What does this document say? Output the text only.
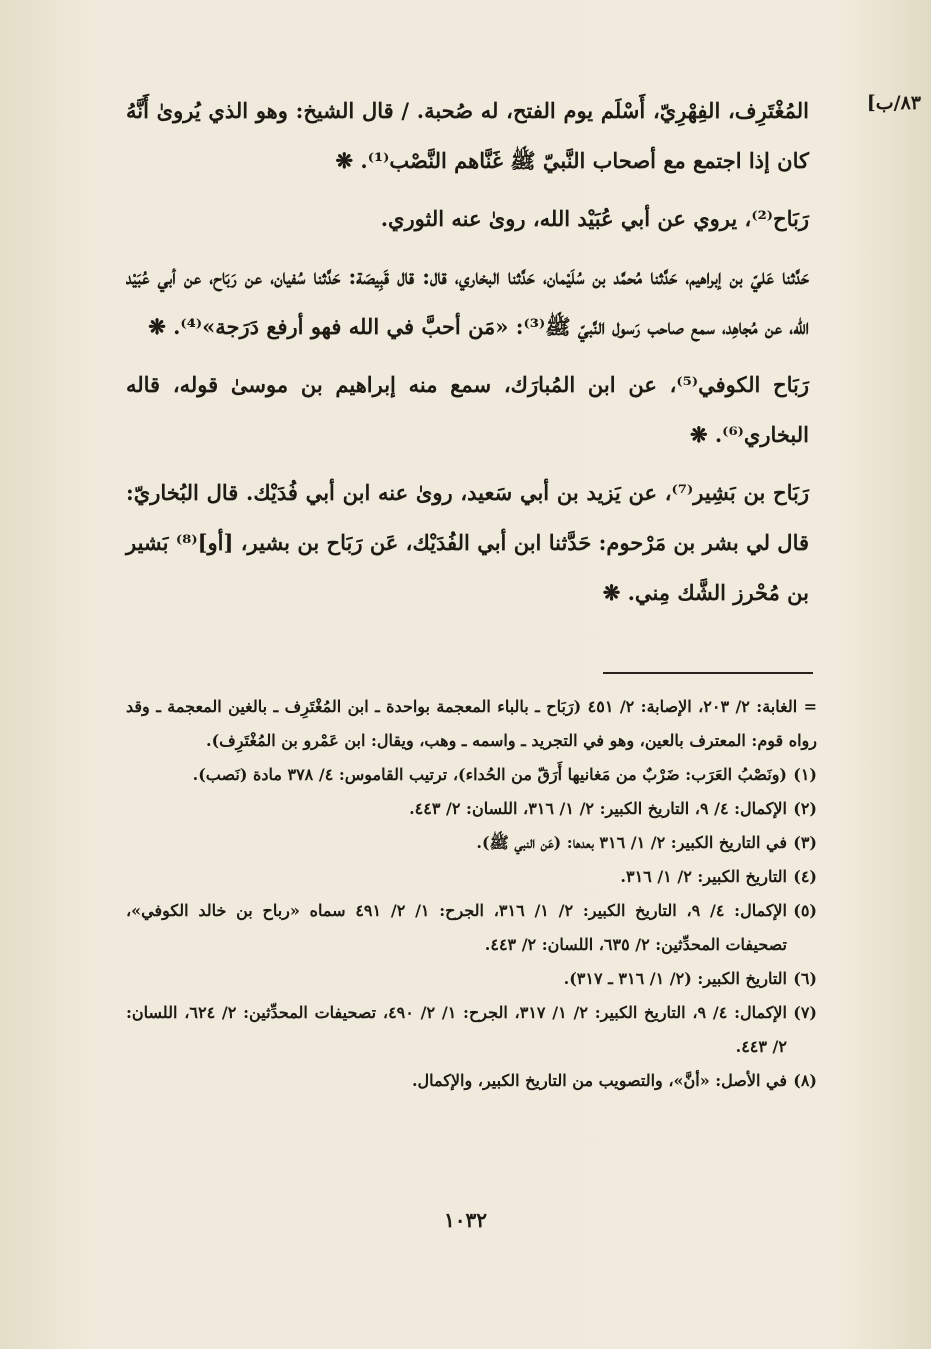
[٨٣/ب

المُغْتَرِف، الفِهْرِيّ، أَسْلَم يوم الفتح، له صُحبة. / قال الشيخ: وهو الذي يُروىٰ أَنَّهُ كان إذا اجتمع مع أصحاب النَّبيّ ﷺ غَنَّاهم النَّصْب⁽¹⁾. ❋

رَبَاح⁽²⁾، يروي عن أبي عُبَيْد الله، روىٰ عنه الثوري.

حَدَّثنا عَليّ بن إبراهيم، حَدَّثنا مُحمَّد بن سُلَيْمان، حَدَّثنا البخاري، قال: قال قَبِيصَة: حَدَّثنا سُفيان، عن رَبَاح، عن أبي عُبَيْد الله، عن مُجاهِد، سمع صاحب رَسول النَّبيّ ﷺ⁽³⁾: «مَن أحبَّ في الله فهو أرفع دَرَجة»⁽⁴⁾. ❋

رَبَاح الكوفي⁽⁵⁾، عن ابن المُبارَك، سمع منه إبراهيم بن موسىٰ قوله، قاله البخاري⁽⁶⁾. ❋

رَبَاح بن بَشِير⁽⁷⁾، عن يَزيد بن أبي سَعيد، روىٰ عنه ابن أبي فُدَيْك. قال البُخاريّ: قال لي بشر بن مَرْحوم: حَدَّثنا ابن أبي الفُدَيْك، عَن رَبَاح بن بشير، [أو]⁽⁸⁾ بَشير بن مُحْرز الشَّك مِني. ❋

= الغابة: ٢/ ٢٠٣، الإصابة: ٢/ ٤٥١ (رَبَاح ـ بالباء المعجمة بواحدة ـ ابن المُغْتَرِف ـ بالغين المعجمة ـ وقد رواه قوم: المعترف بالعين، وهو في التجريد ـ واسمه ـ وهب، ويقال: ابن عَمْرو بن المُغْتَرِف).

(١)
(ونَصْبُ العَرَب: ضَرْبٌ من مَغانيها أَرَقّ من الحُداء)، ترتيب القاموس: ٤/ ٣٧٨ مادة (نَصب).

(٢)
الإكمال: ٤/ ٩، التاريخ الكبير: ٢/ ١/ ٣١٦، اللسان: ٢/ ٤٤٣.

(٣)
في التاريخ الكبير: ٢/ ١/ ٣١٦ بعدها: (عَن النبي ﷺ).

(٤)
التاريخ الكبير: ٢/ ١/ ٣١٦.

(٥)
الإكمال: ٤/ ٩، التاريخ الكبير: ٢/ ١/ ٣١٦، الجرح: ١/ ٢/ ٤٩١ سماه «رباح بن خالد الكوفي»، تصحيفات المحدِّثين: ٢/ ٦٣٥، اللسان: ٢/ ٤٤٣.

(٦)
التاريخ الكبير: (٢/ ١/ ٣١٦ ـ ٣١٧).

(٧)
الإكمال: ٤/ ٩، التاريخ الكبير: ٢/ ١/ ٣١٧، الجرح: ١/ ٢/ ٤٩٠، تصحيفات المحدِّثين: ٢/ ٦٢٤، اللسان: ٢/ ٤٤٣.

(٨)
في الأصل: «أنَّ»، والتصويب من التاريخ الكبير، والإكمال.

١٠٣٢
